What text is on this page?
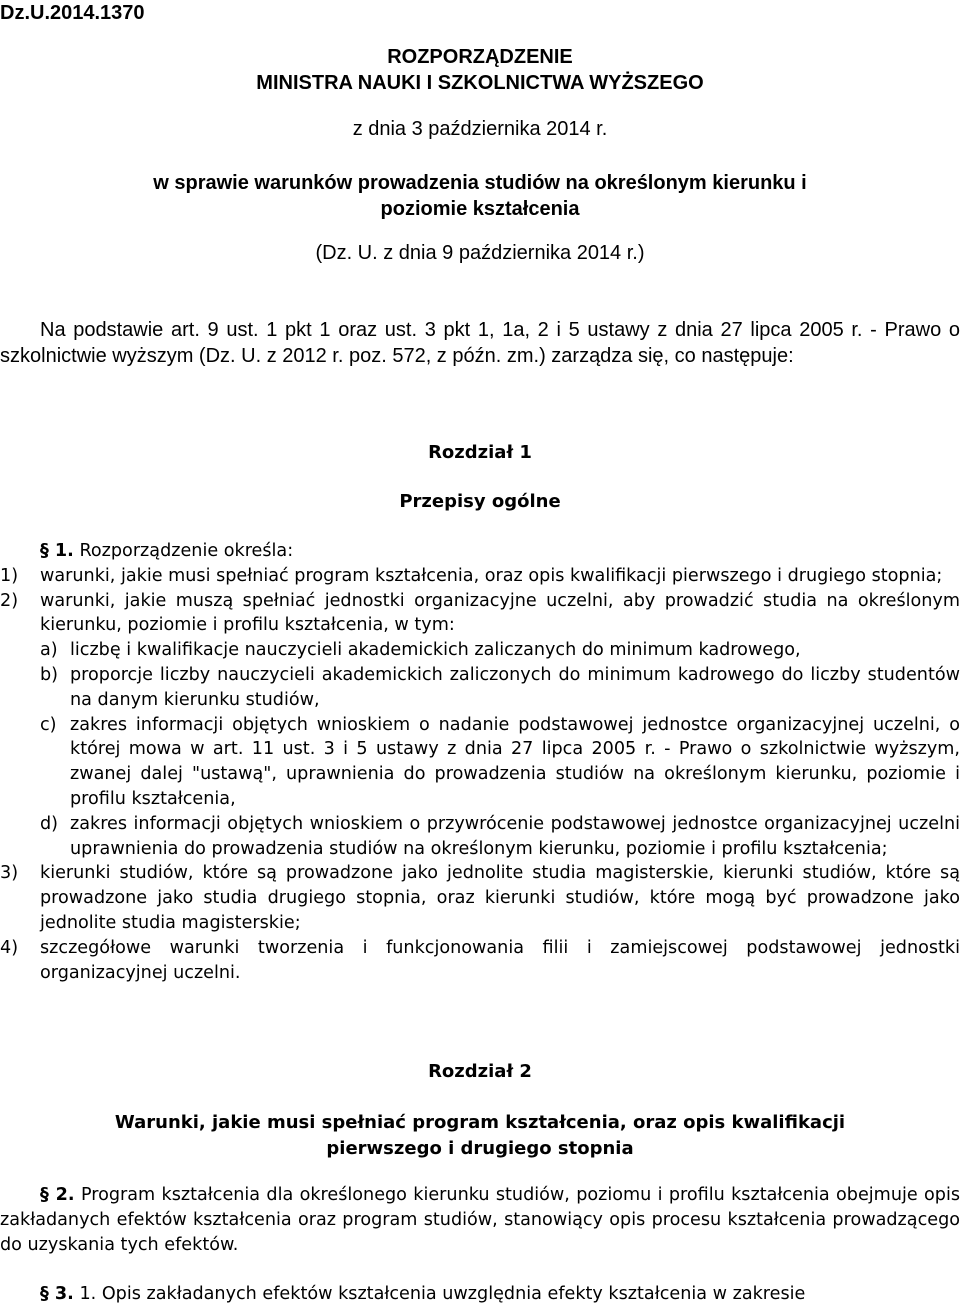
Dz.U.2014.1370
ROZPORZĄDZENIE
MINISTRA NAUKI I SZKOLNICTWA WYŻSZEGO
z dnia 3 października 2014 r.
w sprawie warunków prowadzenia studiów na określonym kierunku i poziomie kształcenia
(Dz. U. z dnia 9 października 2014 r.)
Na podstawie art. 9 ust. 1 pkt 1 oraz ust. 3 pkt 1, 1a, 2 i 5 ustawy z dnia 27 lipca 2005 r. - Prawo o szkolnictwie wyższym (Dz. U. z 2012 r. poz. 572, z późn. zm.) zarządza się, co następuje:
Rozdział 1
Przepisy ogólne
§ 1. Rozporządzenie określa:
1)	warunki, jakie musi spełniać program kształcenia, oraz opis kwalifikacji pierwszego i drugiego stopnia;
2)	warunki, jakie muszą spełniać jednostki organizacyjne uczelni, aby prowadzić studia na określonym kierunku, poziomie i profilu kształcenia, w tym:
a) liczbę i kwalifikacje nauczycieli akademickich zaliczanych do minimum kadrowego,
b) proporcje liczby nauczycieli akademickich zaliczonych do minimum kadrowego do liczby studentów na danym kierunku studiów,
c) zakres informacji objętych wnioskiem o nadanie podstawowej jednostce organizacyjnej uczelni, o której mowa w art. 11 ust. 3 i 5 ustawy z dnia 27 lipca 2005 r. - Prawo o szkolnictwie wyższym, zwanej dalej "ustawą", uprawnienia do prowadzenia studiów na określonym kierunku, poziomie i profilu kształcenia,
d) zakres informacji objętych wnioskiem o przywrócenie podstawowej jednostce organizacyjnej uczelni uprawnienia do prowadzenia studiów na określonym kierunku, poziomie i profilu kształcenia;
3)	kierunki studiów, które są prowadzone jako jednolite studia magisterskie, kierunki studiów, które są prowadzone jako studia drugiego stopnia, oraz kierunki studiów, które mogą być prowadzone jako jednolite studia magisterskie;
4)	szczegółowe warunki tworzenia i funkcjonowania filii i zamiejscowej podstawowej jednostki organizacyjnej uczelni.
Rozdział 2
Warunki, jakie musi spełniać program kształcenia, oraz opis kwalifikacji pierwszego i drugiego stopnia
§ 2. Program kształcenia dla określonego kierunku studiów, poziomu i profilu kształcenia obejmuje opis zakładanych efektów kształcenia oraz program studiów, stanowiący opis procesu kształcenia prowadzącego do uzyskania tych efektów.
§ 3. 1. Opis zakładanych efektów kształcenia uwzględnia efekty kształcenia w zakresie
